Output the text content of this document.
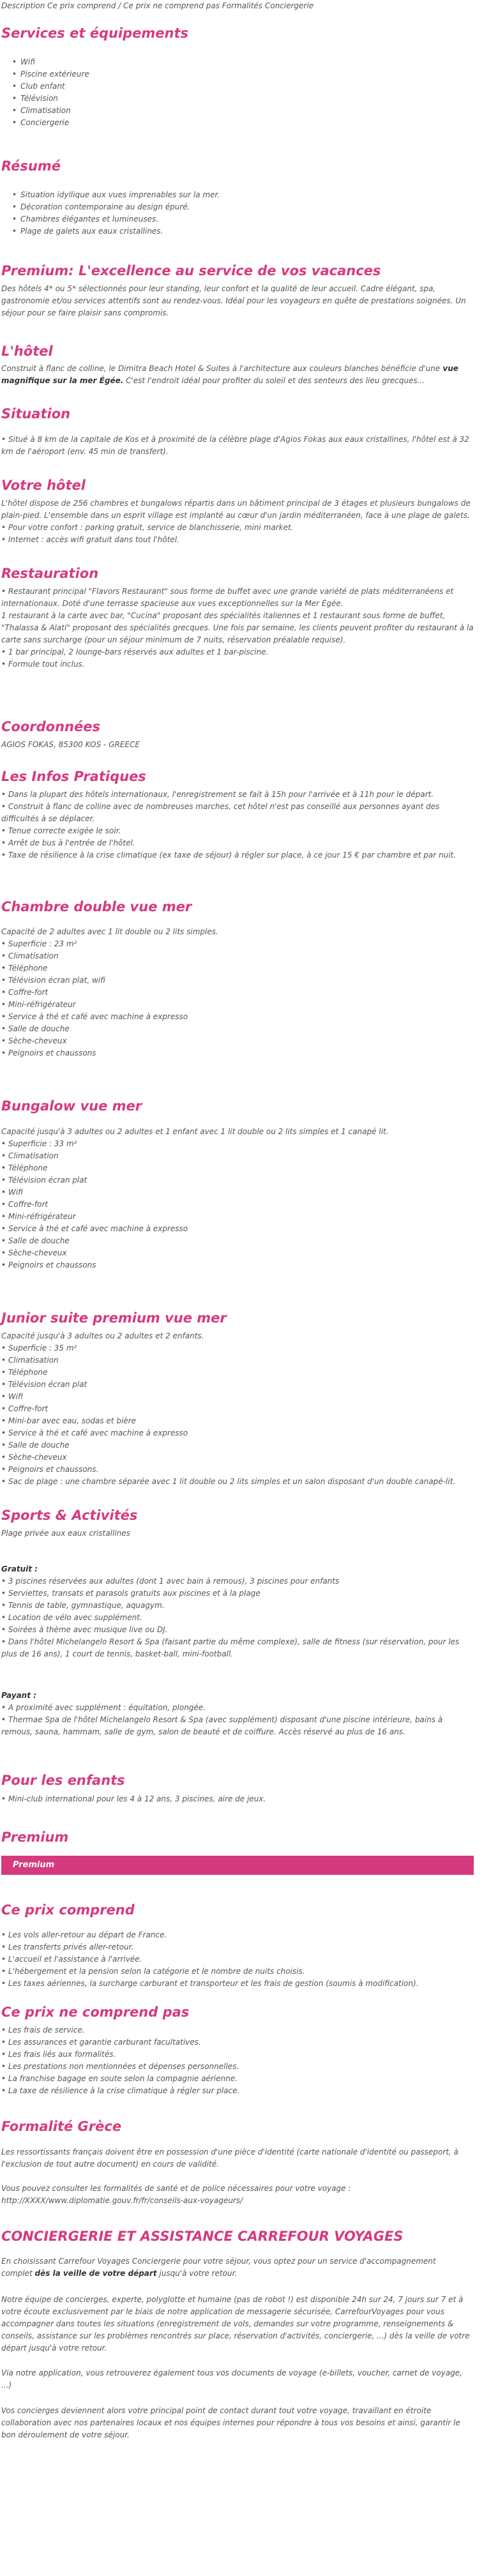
Description Ce prix comprend / Ce prix ne comprend pas Formalités Conciergerie
Services et équipements
• Wifi
• Piscine extérieure
• Club enfant
• Télévision
• Climatisation
• Conciergerie
Résumé
• Situation idyllique aux vues imprenables sur la mer.
• Décoration contemporaine au design épuré.
• Chambres élégantes et lumineuses.
• Plage de galets aux eaux cristallines.
Premium: L'excellence au service de vos vacances
Des hôtels 4* ou 5* sélectionnés pour leur standing, leur confort et la qualité de leur accueil. Cadre élégant, spa,
gastronomie et/ou services attentifs sont au rendez-vous. Idéal pour les voyageurs en quête de prestations soignées. Un
séjour pour se faire plaisir sans compromis.
L'hôtel
Construit à flanc de colline, le Dimitra Beach Hotel & Suites à l'architecture aux couleurs blanches bénéficie d'une vue
magnifique sur la mer Égée. C'est l'endroit idéal pour profiter du soleil et des senteurs des lieu grecques...
Situation
• Situé à 8 km de la capitale de Kos et à proximité de la célèbre plage d'Agios Fokas aux eaux cristallines, l'hôtel est à 32
km de l'aéroport (env. 45 min de transfert).
Votre hôtel
L'hôtel dispose de 256 chambres et bungalows répartis dans un bâtiment principal de 3 étages et plusieurs bungalows de
plain-pied. L'ensemble dans un esprit village est implanté au cœur d'un jardin méditerranéen, face à une plage de galets.
• Pour votre confort : parking gratuit, service de blanchisserie, mini market.
• Internet : accès wifi gratuit dans tout l'hôtel.
Restauration
• Restaurant principal "Flavors Restaurant" sous forme de buffet avec une grande variété de plats méditerranéens et
internationaux. Doté d'une terrasse spacieuse aux vues exceptionnelles sur la Mer Égée.
1 restaurant à la carte avec bar, "Cucina" proposant des spécialités italiennes et 1 restaurant sous forme de buffet,
"Thalassa & Alati" proposant des spécialités grecques. Une fois par semaine, les clients peuvent profiter du restaurant à la
carte sans surcharge (pour un séjour minimum de 7 nuits, réservation préalable requise).
• 1 bar principal, 2 lounge-bars réservés aux adultes et 1 bar-piscine.
• Formule tout inclus.
Coordonnées
AGIOS FOKAS, 85300 KOS - GREECE
Les Infos Pratiques
• Dans la plupart des hôtels internationaux, l'enregistrement se fait à 15h pour l'arrivée et à 11h pour le départ.
• Construit à flanc de colline avec de nombreuses marches, cet hôtel n'est pas conseillé aux personnes ayant des
difficultés à se déplacer.
• Tenue correcte exigée le soir.
• Arrêt de bus à l'entrée de l'hôtel.
• Taxe de résilience à la crise climatique (ex taxe de séjour) à régler sur place, à ce jour 15 € par chambre et par nuit.
Chambre double vue mer
Capacité de 2 adultes avec 1 lit double ou 2 lits simples.
• Superficie : 23 m²
• Climatisation
• Téléphone
• Télévision écran plat, wifi
• Coffre-fort
• Mini-réfrigérateur
• Service à thé et café avec machine à expresso
• Salle de douche
• Sèche-cheveux
• Peignoirs et chaussons
Bungalow vue mer
Capacité jusqu'à 3 adultes ou 2 adultes et 1 enfant avec 1 lit double ou 2 lits simples et 1 canapé lit.
• Superficie : 33 m²
• Climatisation
• Téléphone
• Télévision écran plat
• Wifi
• Coffre-fort
• Mini-réfrigérateur
• Service à thé et café avec machine à expresso
• Salle de douche
• Sèche-cheveux
• Peignoirs et chaussons
Junior suite premium vue mer
Capacité jusqu'à 3 adultes ou 2 adultes et 2 enfants.
• Superficie : 35 m²
• Climatisation
• Téléphone
• Télévision écran plat
• Wifi
• Coffre-fort
• Mini-bar avec eau, sodas et bière
• Service à thé et café avec machine à expresso
• Salle de douche
• Sèche-cheveux
• Peignoirs et chaussons.
• Sac de plage : une chambre séparée avec 1 lit double ou 2 lits simples et un salon disposant d'un double canapé-lit.
Sports & Activités
Plage privée aux eaux cristallines
Gratuit :
• 3 piscines réservées aux adultes (dont 1 avec bain à remous), 3 piscines pour enfants
• Serviettes, transats et parasols gratuits aux piscines et à la plage
• Tennis de table, gymnastique, aquagym.
• Location de vélo avec supplément.
• Soirées à thème avec musique live ou DJ.
• Dans l'hôtel Michelangelo Resort & Spa (faisant partie du même complexe), salle de fitness (sur réservation, pour les
plus de 16 ans), 1 court de tennis, basket-ball, mini-football.
Payant :
• A proximité avec supplément : équitation, plongée.
• Thermae Spa de l'hôtel Michelangelo Resort & Spa (avec supplément) disposant d'une piscine intérieure, bains à
remous, sauna, hammam, salle de gym, salon de beauté et de coiffure. Accès réservé au plus de 16 ans.
Pour les enfants
• Mini-club international pour les 4 à 12 ans, 3 piscines, aire de jeux.
Premium
Premium
Ce prix comprend
• Les vols aller-retour au départ de France.
• Les transferts privés aller-retour.
• L'accueil et l'assistance à l'arrivée.
• L'hébergement et la pension selon la catégorie et le nombre de nuits choisis.
• Les taxes aériennes, la surcharge carburant et transporteur et les frais de gestion (soumis à modification).
Ce prix ne comprend pas
• Les frais de service.
• Les assurances et garantie carburant facultatives.
• Les frais liés aux formalités.
• Les prestations non mentionnées et dépenses personnelles.
• La franchise bagage en soute selon la compagnie aérienne.
• La taxe de résilience à la crise climatique à régler sur place.
Formalité Grèce
Les ressortissants français doivent être en possession d'une pièce d'identité (carte nationale d'identité ou passeport, à
l'exclusion de tout autre document) en cours de validité.
Vous pouvez consulter les formalités de santé et de police nécessaires pour votre voyage :
http://XXXX/www.diplomatie.gouv.fr/fr/conseils-aux-voyageurs/
CONCIERGERIE ET ASSISTANCE CARREFOUR VOYAGES
En choisissant Carrefour Voyages Conciergerie pour votre séjour, vous optez pour un service d'accompagnement
complet dès la veille de votre départ jusqu'à votre retour.
Notre équipe de concierges, experte, polyglotte et humaine (pas de robot !) est disponible 24h sur 24, 7 jours sur 7 et à
votre écoute exclusivement par le biais de notre application de messagerie sécurisée, CarrefourVoyages pour vous
accompagner dans toutes les situations (enregistrement de vols, demandes sur votre programme, renseignements &
conseils, assistance sur les problèmes rencontrés sur place, réservation d'activités, conciergerie, ...) dès la veille de votre
départ jusqu'à votre retour.
Via notre application, vous retrouverez également tous vos documents de voyage (e-billets, voucher, carnet de voyage,
...)
Vos concierges deviennent alors votre principal point de contact durant tout votre voyage, travaillant en étroite
collaboration avec nos partenaires locaux et nos équipes internes pour répondre à tous vos besoins et ainsi, garantir le
bon déroulement de votre séjour.
